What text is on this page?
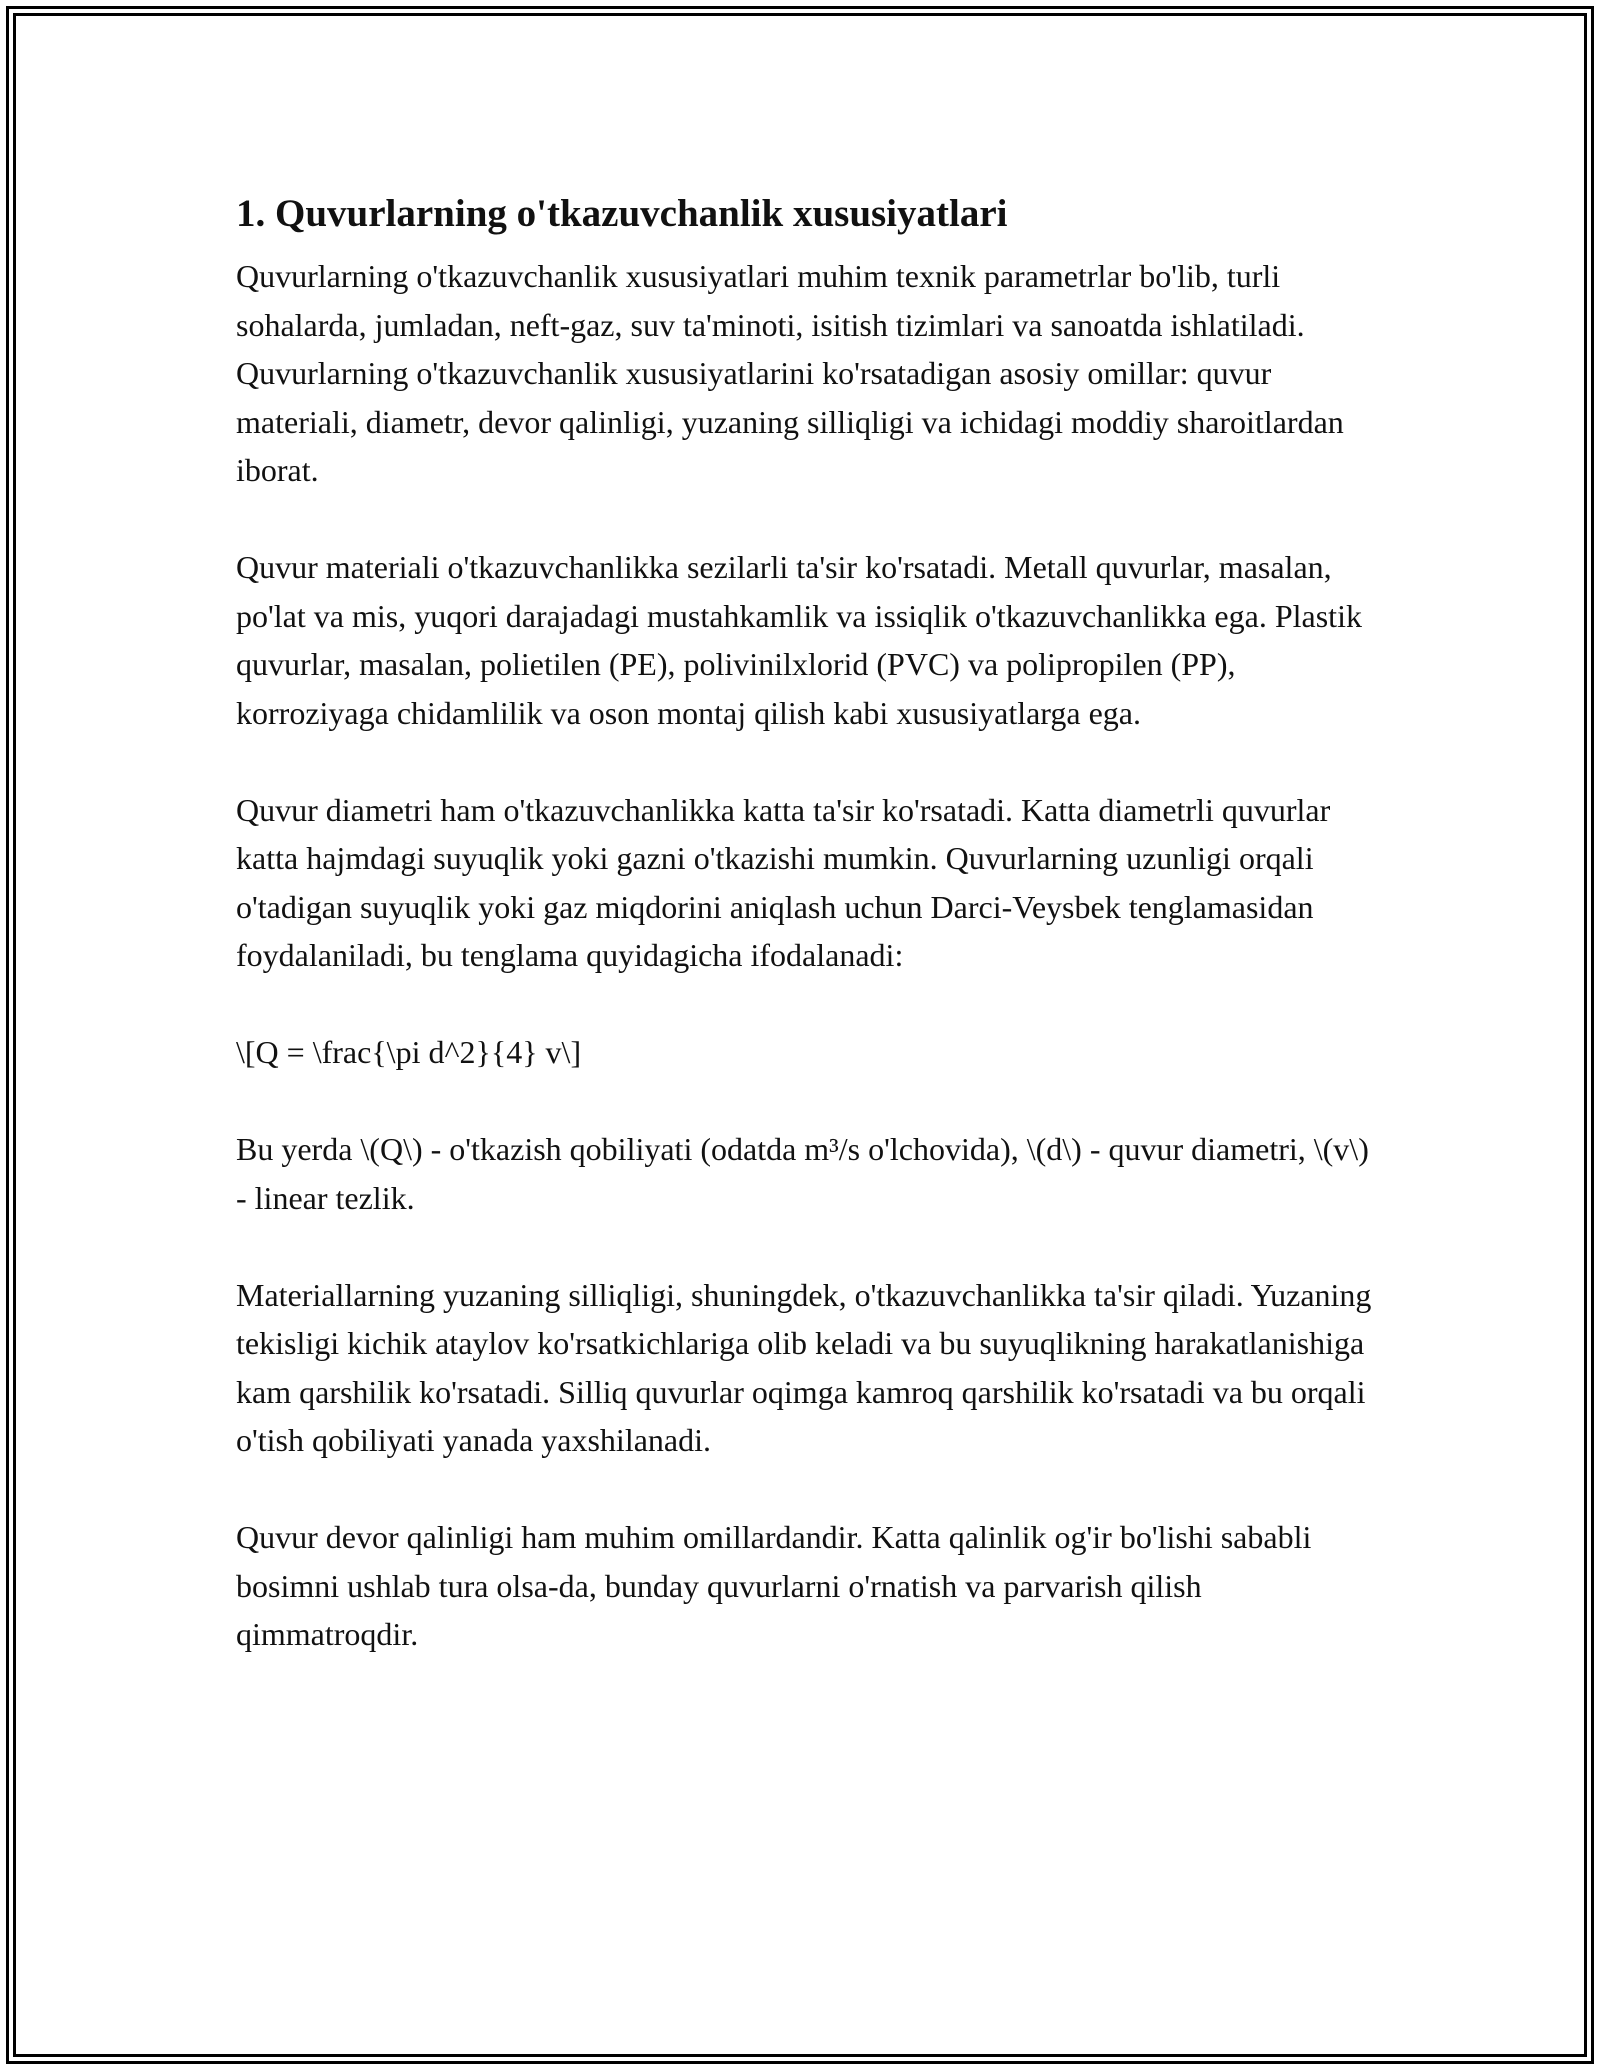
1. Quvurlarning o'tkazuvchanlik xususiyatlari

Quvurlarning o'tkazuvchanlik xususiyatlari muhim texnik parametrlar bo'lib, turli sohalarda, jumladan, neft-gaz, suv ta'minoti, isitish tizimlari va sanoatda ishlatiladi. Quvurlarning o'tkazuvchanlik xususiyatlarini ko'rsatadigan asosiy omillar: quvur materiali, diametr, devor qalinligi, yuzaning silliqligi va ichidagi moddiy sharoitlardan iborat.

Quvur materiali o'tkazuvchanlikka sezilarli ta'sir ko'rsatadi. Metall quvurlar, masalan, po'lat va mis, yuqori darajadagi mustahkamlik va issiqlik o'tkazuvchanlikka ega. Plastik quvurlar, masalan, polietilen (PE), polivinilxlorid (PVC) va polipropilen (PP), korroziyaga chidamlilik va oson montaj qilish kabi xususiyatlarga ega.

Quvur diametri ham o'tkazuvchanlikka katta ta'sir ko'rsatadi. Katta diametrli quvurlar katta hajmdagi suyuqlik yoki gazni o'tkazishi mumkin. Quvurlarning uzunligi orqali o'tadigan suyuqlik yoki gaz miqdorini aniqlash uchun Darci-Veysbek tenglamasidan foydalaniladi, bu tenglama quyidagicha ifodalanadi:

\[Q = \frac{\pi d^2}{4} v\]

Bu yerda \(Q\) - o'tkazish qobiliyati (odatda m³/s o'lchovida), \(d\) - quvur diametri, \(v\) - linear tezlik.

Materiallarning yuzaning silliqligi, shuningdek, o'tkazuvchanlikka ta'sir qiladi. Yuzaning tekisligi kichik ataylov ko'rsatkichlariga olib keladi va bu suyuqlikning harakatlanishiga kam qarshilik ko'rsatadi. Silliq quvurlar oqimga kamroq qarshilik ko'rsatadi va bu orqali o'tish qobiliyati yanada yaxshilanadi.

Quvur devor qalinligi ham muhim omillardandir. Katta qalinlik og'ir bo'lishi sababli bosimni ushlab tura olsa-da, bunday quvurlarni o'rnatish va parvarish qilish qimmatroqdir.
